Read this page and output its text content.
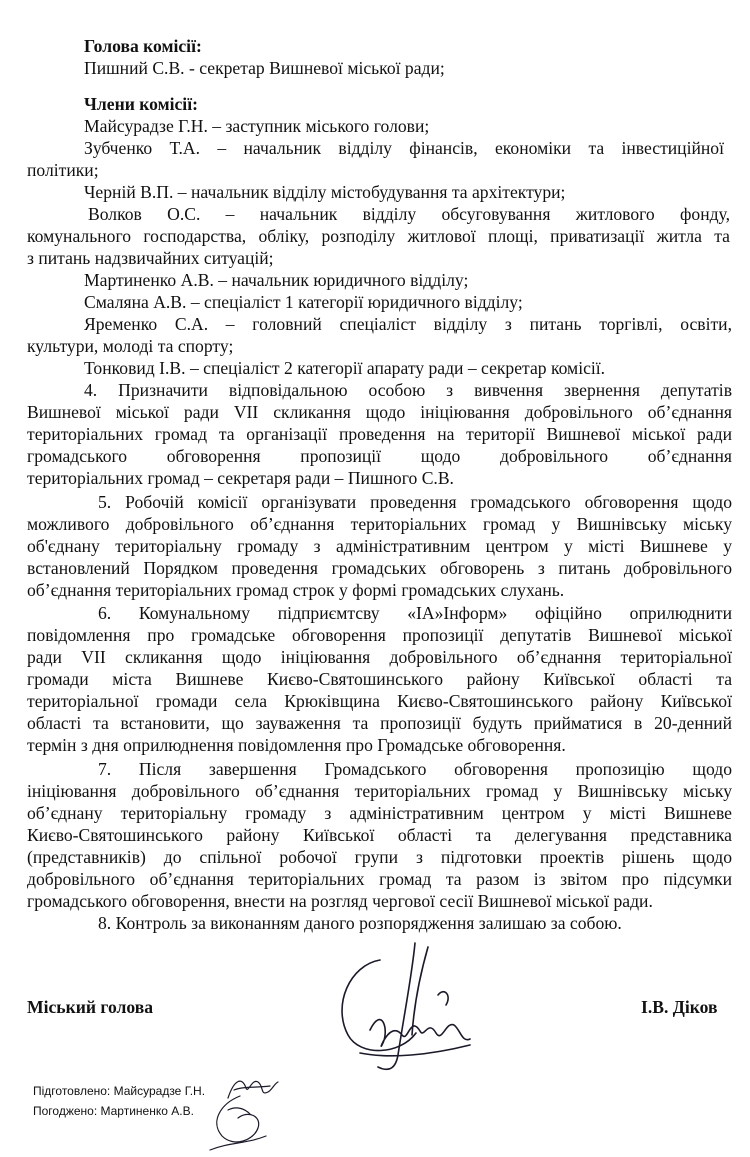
Голова комісії:
Пишний С.В. - секретар Вишневої міської ради;
Члени комісії:
Майсурадзе Г.Н. – заступник міського голови;
Зубченко Т.А. – начальник відділу фінансів, економіки та інвестиційної
політики;
Черній В.П. – начальник відділу містобудування та архітектури;
Волков О.С. – начальник відділу обсуговування житлового фонду,
комунального господарства, обліку, розподілу житлової площі, приватизації житла та
з питань надзвичайних ситуацій;
Мартиненко А.В. – начальник юридичного відділу;
Смаляна А.В. – спеціаліст 1 категорії юридичного відділу;
Яременко С.А. – головний спеціаліст відділу з питань торгівлі, освіти,
культури, молоді та спорту;
Тонковид І.В. – спеціаліст 2 категорії апарату ради – секретар комісії.
4. Призначити відповідальною особою з вивчення звернення депутатів
Вишневої міської ради VII скликання щодо ініціювання добровільного об’єднання
територіальних громад та організації проведення на території Вишневої міської ради
громадського обговорення пропозиції щодо добровільного об’єднання
територіальних громад – секретаря ради – Пишного С.В.
5. Робочій комісії організувати проведення громадського обговорення щодо
можливого добровільного об’єднання територіальних громад у Вишнівську міську
об'єднану територіальну громаду з адміністративним центром у місті Вишневе у
встановлений Порядком проведення громадських обговорень з питань добровільного
об’єднання територіальних громад строк у формі громадських слухань.
6. Комунальному підприємтсву «ІА»Інформ» офіційно оприлюднити
повідомлення про громадське обговорення пропозиції депутатів Вишневої міської
ради VII скликання щодо ініціювання добровільного об’єднання територіальної
громади міста Вишневе Києво-Святошинського району Київської області та
територіальної громади села Крюківщина Києво-Святошинського району Київської
області та встановити, що зауваження та пропозиції будуть прийматися в 20-денний
термін з дня оприлюднення повідомлення про Громадське обговорення.
7. Після завершення Громадського обговорення пропозицію щодо
ініціювання добровільного об’єднання територіальних громад у Вишнівську міську
об’єднану територіальну громаду з адміністративним центром у місті Вишневе
Києво-Святошинського району Київської області та делегування представника
(представників) до спільної робочої групи з підготовки проектів рішень щодо
добровільного об’єднання територіальних громад та разом із звітом про підсумки
громадського обговорення, внести на розгляд чергової сесії Вишневої міської ради.
8. Контроль за виконанням даного розпорядження залишаю за собою.
Міський голова	І.В. Діков
Підготовлено: Майсурадзе Г.Н.
Погоджено: Мартиненко А.В.
